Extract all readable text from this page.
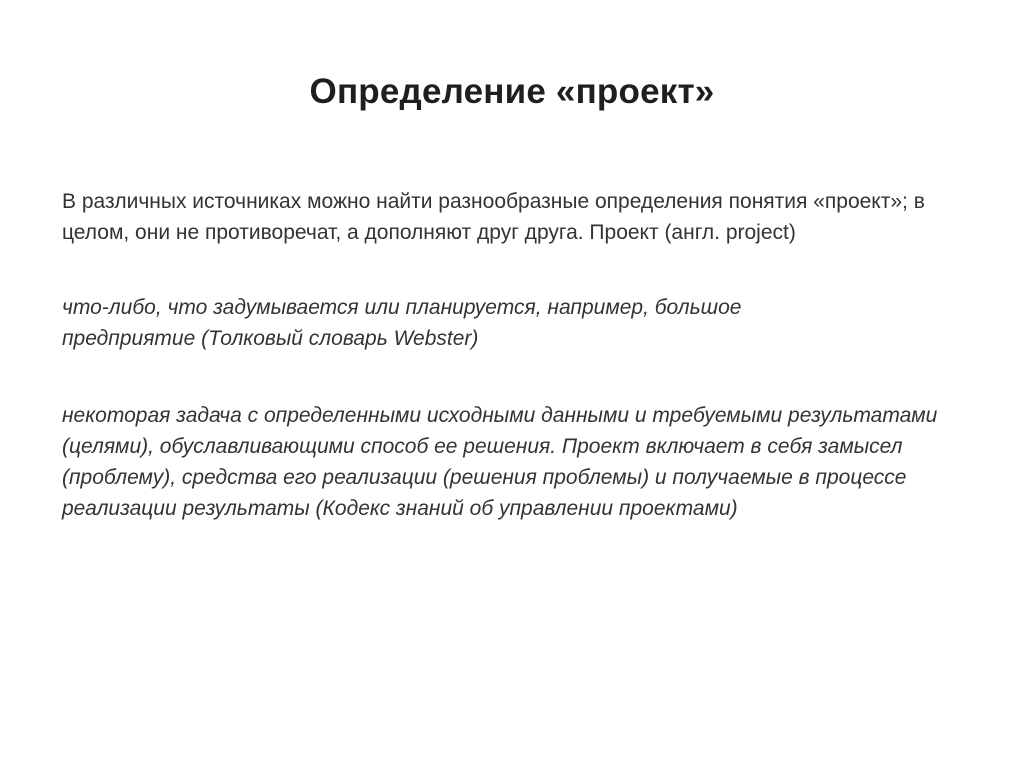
Определение «проект»

В различных источниках можно найти разнообразные определения понятия «проект»; в целом, они не противоречат, а дополняют друг друга. Проект (англ. project)

что-либо, что задумывается или планируется, например, большое предприятие (Толковый словарь Webster)

некоторая задача с определенными исходными данными и требуемыми результатами (целями), обуславливающими способ ее решения. Проект включает в себя замысел (проблему), средства его реализации (решения проблемы) и получаемые в процессе реализации результаты (Кодекс знаний об управлении проектами)
